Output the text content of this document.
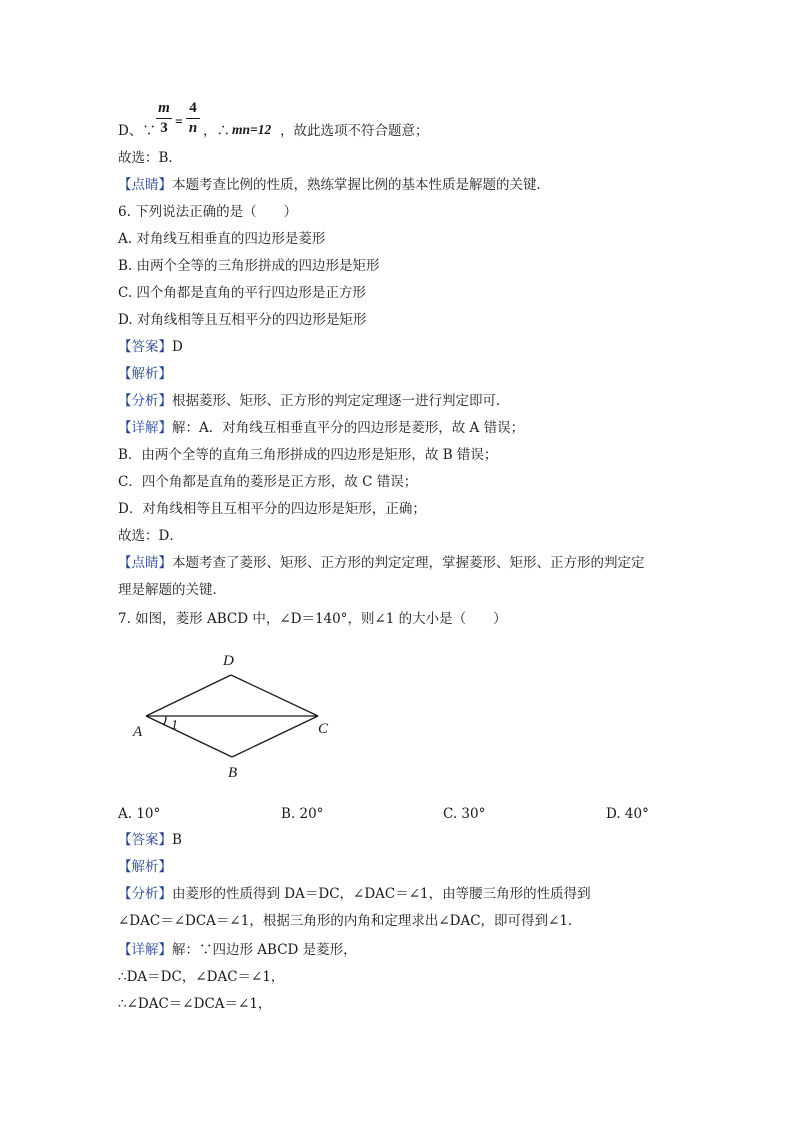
D、∵
m
3 =
4
n ，∴ mn=12 ，故此选项不符合题意；
故选：B．
【点睛】本题考查比例的性质，熟练掌握比例的基本性质是解题的关键．
6. 下列说法正确的是（　　）
A. 对角线互相垂直的四边形是菱形
B. 由两个全等的三角形拼成的四边形是矩形
C. 四个角都是直角的平行四边形是正方形
D. 对角线相等且互相平分的四边形是矩形
【答案】D
【解析】
【分析】根据菱形、矩形、正方形的判定定理逐一进行判定即可．
【详解】解：A．对角线互相垂直平分的四边形是菱形，故 A 错误；
B．由两个全等的直角三角形拼成的四边形是矩形，故 B 错误；
C．四个角都是直角的菱形是正方形，故 C 错误；
D．对角线相等且互相平分的四边形是矩形，正确；
故选：D．
【点睛】本题考查了菱形、矩形、正方形的判定定理，掌握菱形、矩形、正方形的判定定
理是解题的关键．
7. 如图，菱形 ABCD 中，∠D＝140°，则∠1 的大小是（　　）
D
A	C
B
1
A. 10°	B. 20°	C. 30°	D. 40°
【答案】B
【解析】
【分析】由菱形的性质得到 DA＝DC，∠DAC＝∠1，由等腰三角形的性质得到
∠DAC＝∠DCA＝∠1，根据三角形的内角和定理求出∠DAC，即可得到∠1．
【详解】解：∵四边形 ABCD 是菱形，
∴DA＝DC，∠DAC＝∠1，
∴∠DAC＝∠DCA＝∠1，
